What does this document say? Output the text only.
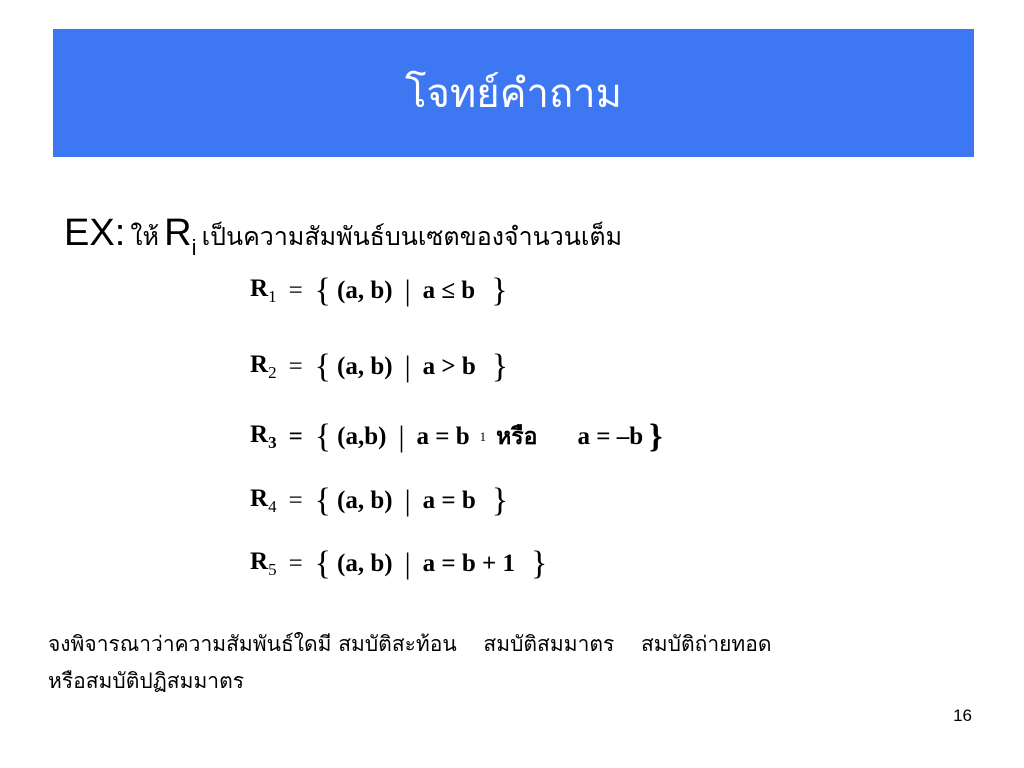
โจทย์คำถาม
EX: ให้ Ri เป็นความสัมพันธ์บนเซตของจำนวนเต็ม
$R_1$ = { (a, b) | a ≤ b }
$R_2$ = { (a, b) | a > b }
$R_3$ = { (a,b) | a = b 1 หรือ a = –b }
$R_4$ = { (a, b) | a = b }
$R_5$ = { (a, b) | a = b + 1 }
จงพิจารณาว่าความสัมพันธ์ใดมี สมบัติสะท้อน    สมบัติสมมาตร    สมบัติถ่ายทอด
หรือสมบัติปฏิสมมาตร
16
